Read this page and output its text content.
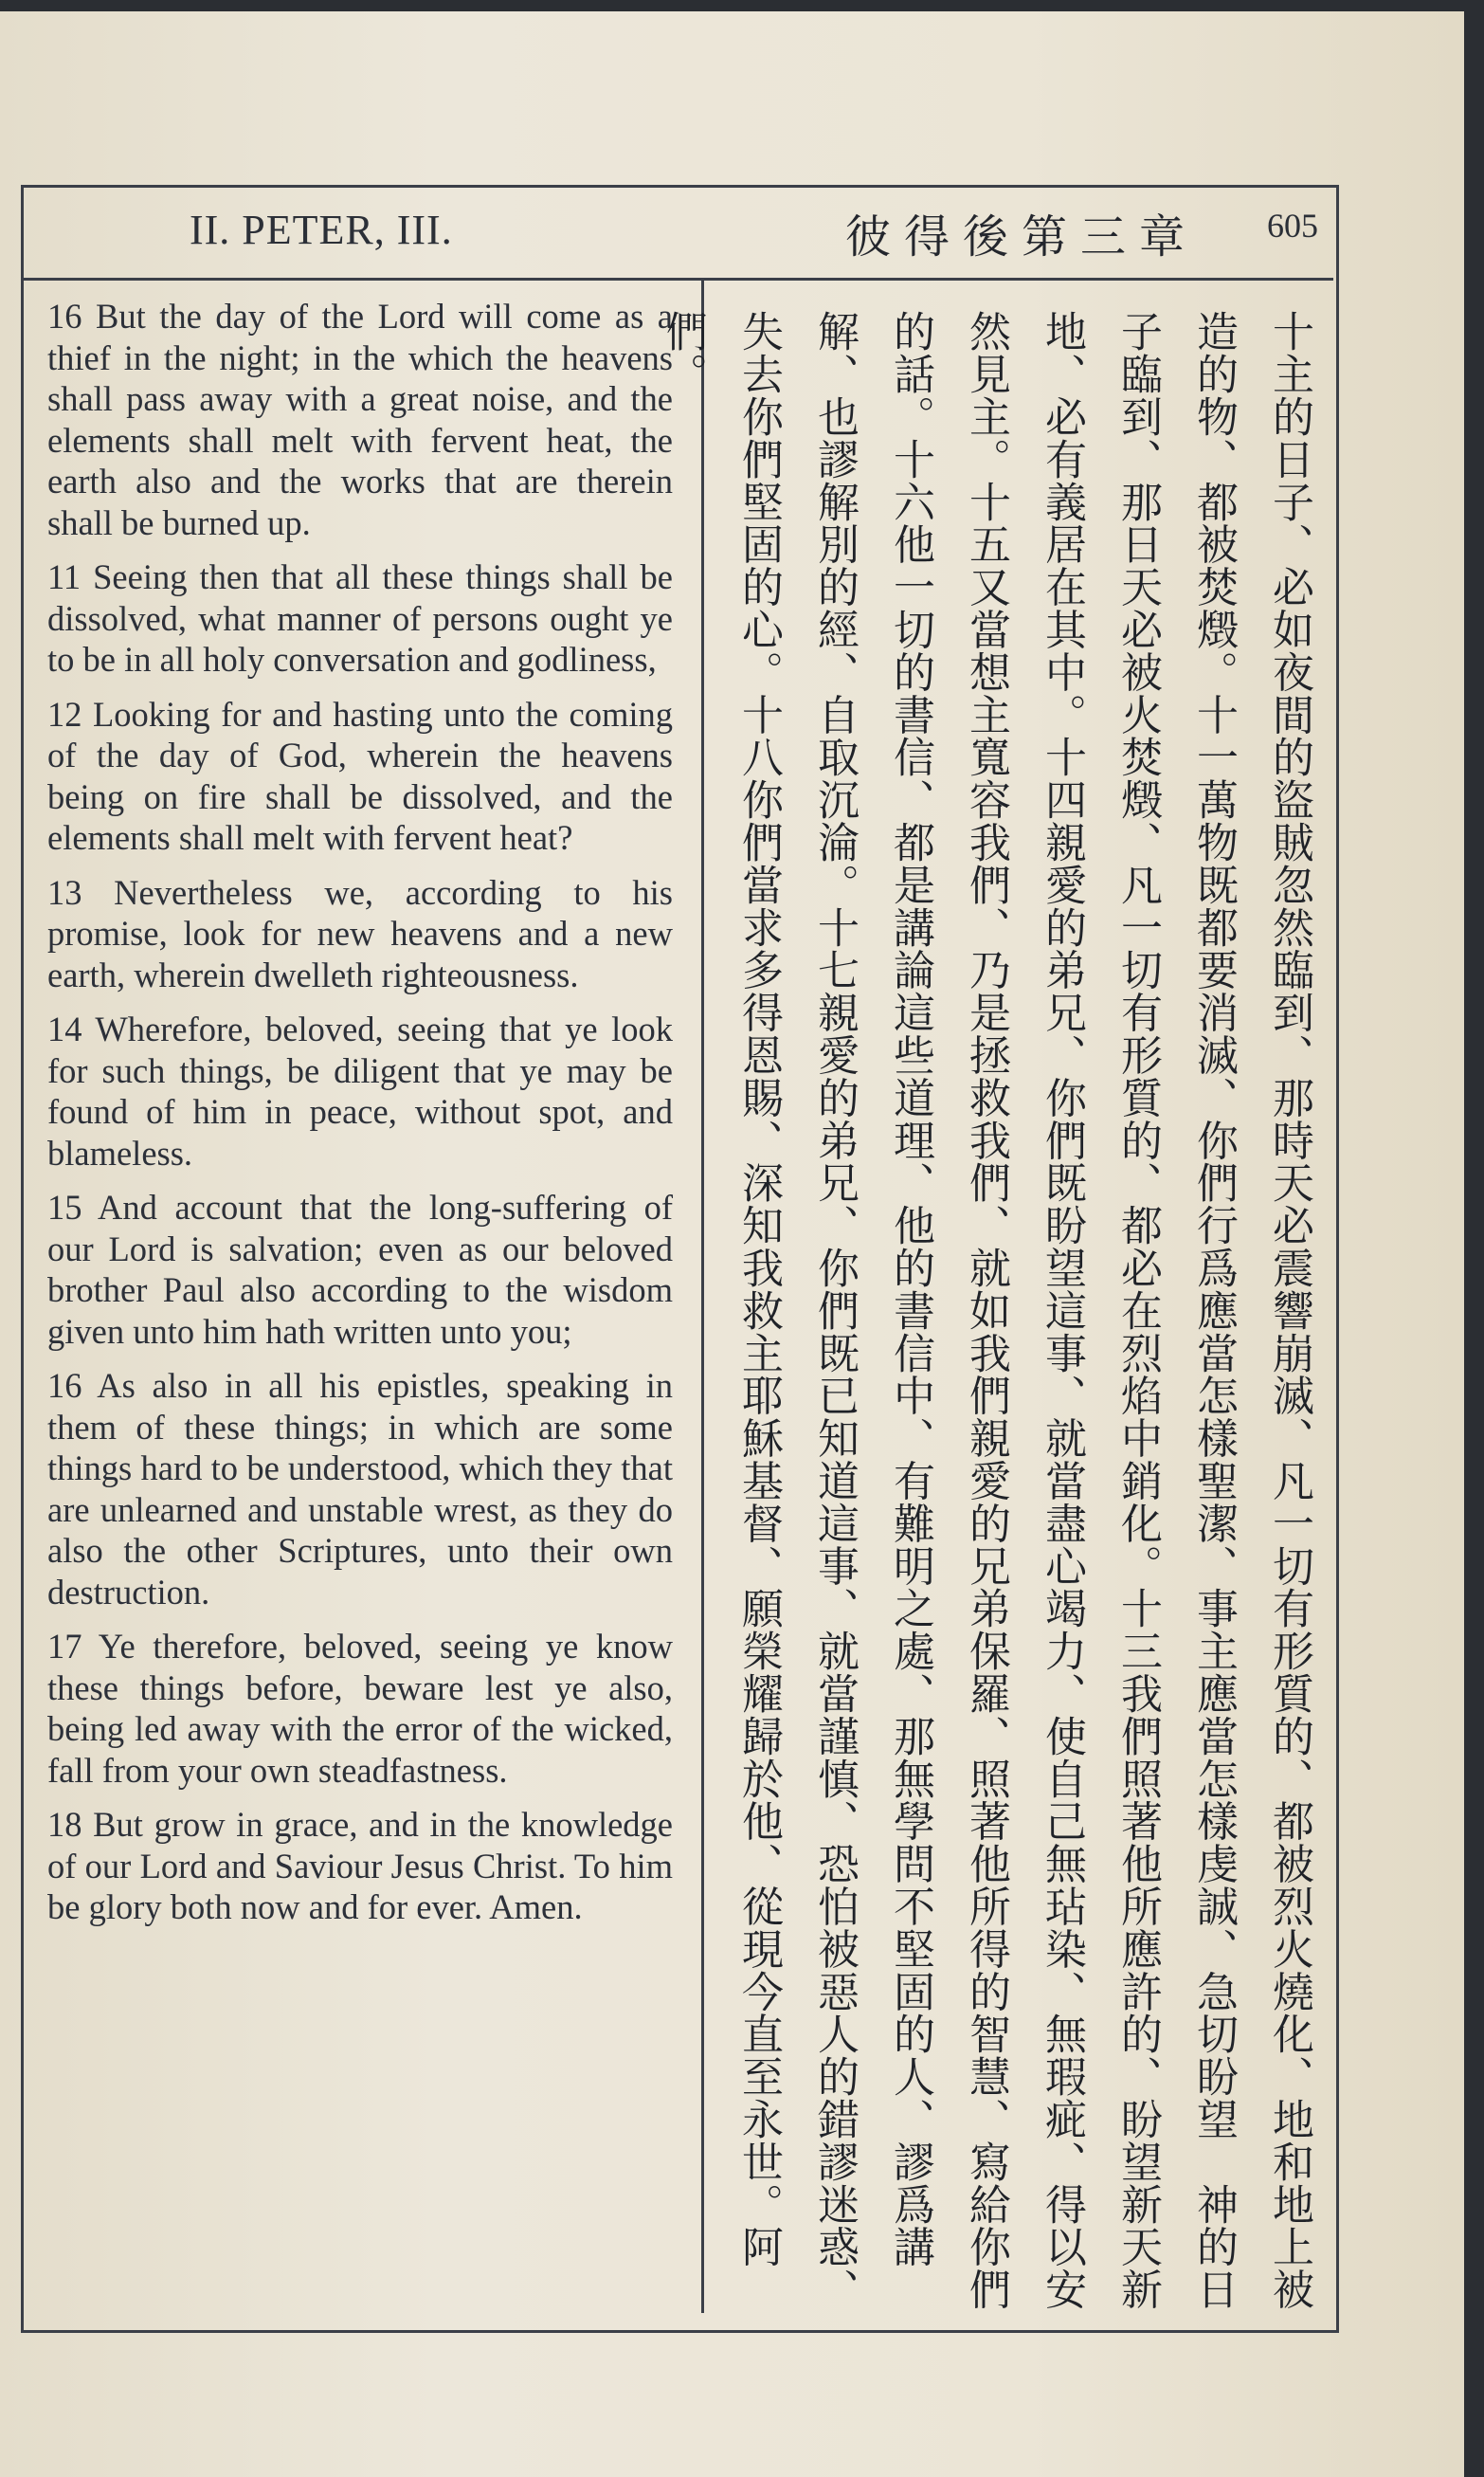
II. PETER, III.	彼得後第三章 605

16 But the day of the Lord will come as a thief in the night; in the which the heavens shall pass away with a great noise, and the elements shall melt with fervent heat, the earth also and the works that are therein shall be burned up.

11 Seeing then that all these things shall be dissolved, what manner of persons ought ye to be in all holy conversation and godliness,

12 Looking for and hasting unto the coming of the day of God, wherein the heavens being on fire shall be dissolved, and the elements shall melt with fervent heat?

13 Nevertheless we, according to his promise, look for new heavens and a new earth, wherein dwelleth righteousness.

14 Wherefore, beloved, seeing that ye look for such things, be diligent that ye may be found of him in peace, without spot, and blameless.

15 And account that the long-suffering of our Lord is salvation; even as our beloved brother Paul also according to the wisdom given unto him hath written unto you;

16 As also in all his epistles, speaking in them of these things; in which are some things hard to be understood, which they that are unlearned and unstable wrest, as they do also the other Scriptures, unto their own destruction.

17 Ye therefore, beloved, seeing ye know these things before, beware lest ye also, being led away with the error of the wicked, fall from your own steadfastness.

18 But grow in grace, and in the knowledge of our Lord and Saviour Jesus Christ. To him be glory both now and for ever. Amen.	十主的日子、必如夜間的盜賊忽然臨到、那時天必震響崩滅、凡一切有形質的、都被烈火燒化、地和地上被造的物、都被焚燬。十一萬物既都要消滅、你們行爲應當怎樣聖潔、事主應當怎樣虔誠、急切盼望　神的日子臨到、那日天必被火焚燬、凡一切有形質的、都必在烈焰中銷化。十三我們照著他所應許的、盼望新天新地、必有義居在其中。十四親愛的弟兄、你們既盼望這事、就當盡心竭力、使自己無玷染、無瑕疵、得以安然見主。十五又當想主寬容我們、乃是拯救我們、就如我們親愛的兄弟保羅、照著他所得的智慧、寫給你們的話。十六他一切的書信、都是講論這些道理、他的書信中、有難明之處、那無學問不堅固的人、謬爲講解、也謬解別的經、自取沉淪。十七親愛的弟兄、你們既已知道這事、就當謹慎、恐怕被惡人的錯謬迷惑、失去你們堅固的心。十八你們當求多得恩賜、深知我救主耶穌基督、願榮耀歸於他、從現今直至永世。阿們。
